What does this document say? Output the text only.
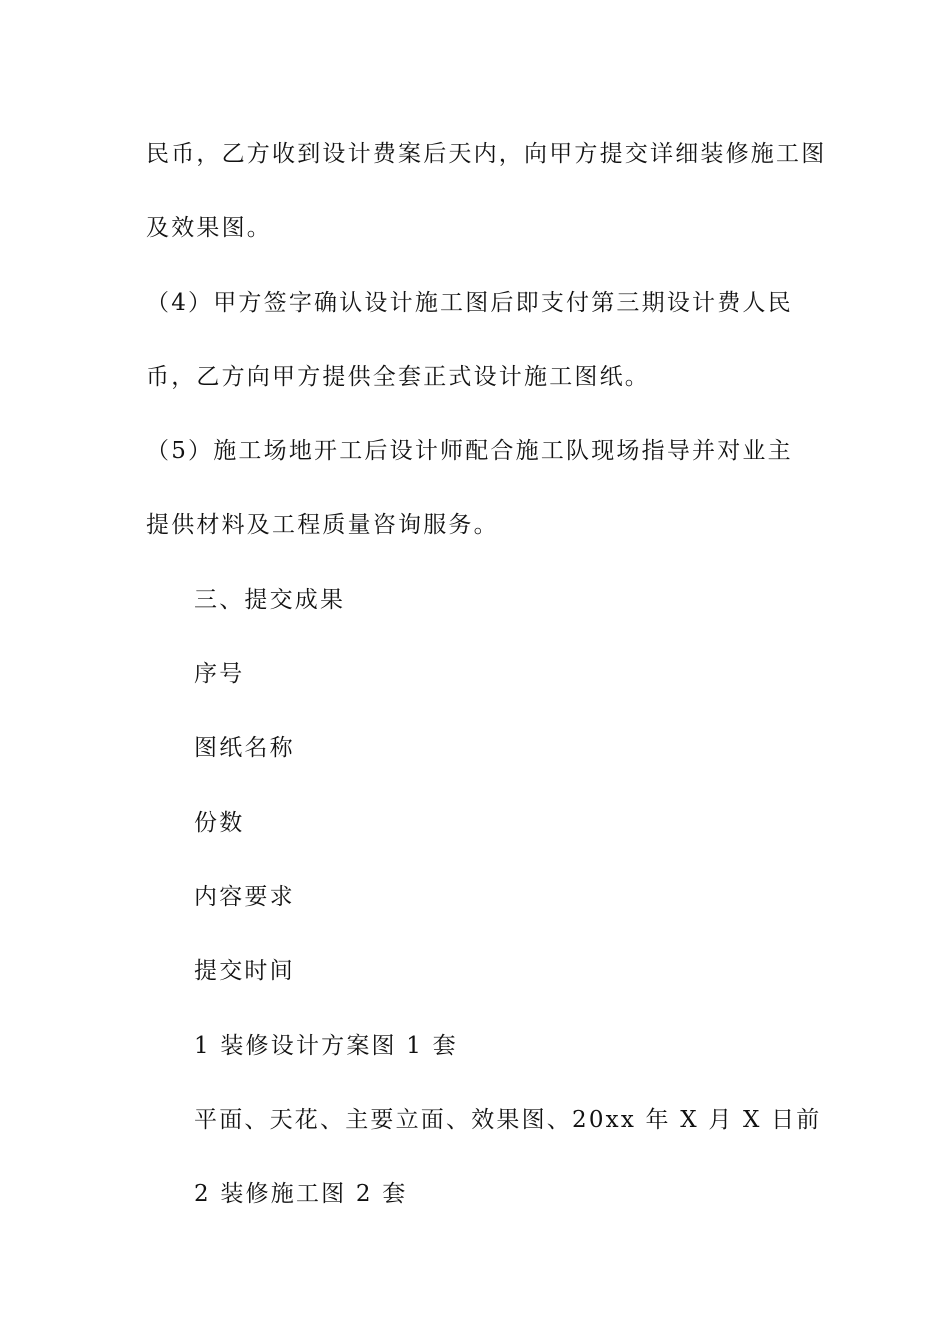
民币，乙方收到设计费案后天内，向甲方提交详细装修施工图
及效果图。
（4）甲方签字确认设计施工图后即支付第三期设计费人民
币，乙方向甲方提供全套正式设计施工图纸。
（5）施工场地开工后设计师配合施工队现场指导并对业主
提供材料及工程质量咨询服务。
三、提交成果
序号
图纸名称
份数
内容要求
提交时间
1 装修设计方案图 1 套
平面、天花、主要立面、效果图、20xx 年 X 月 X 日前
2 装修施工图 2 套
